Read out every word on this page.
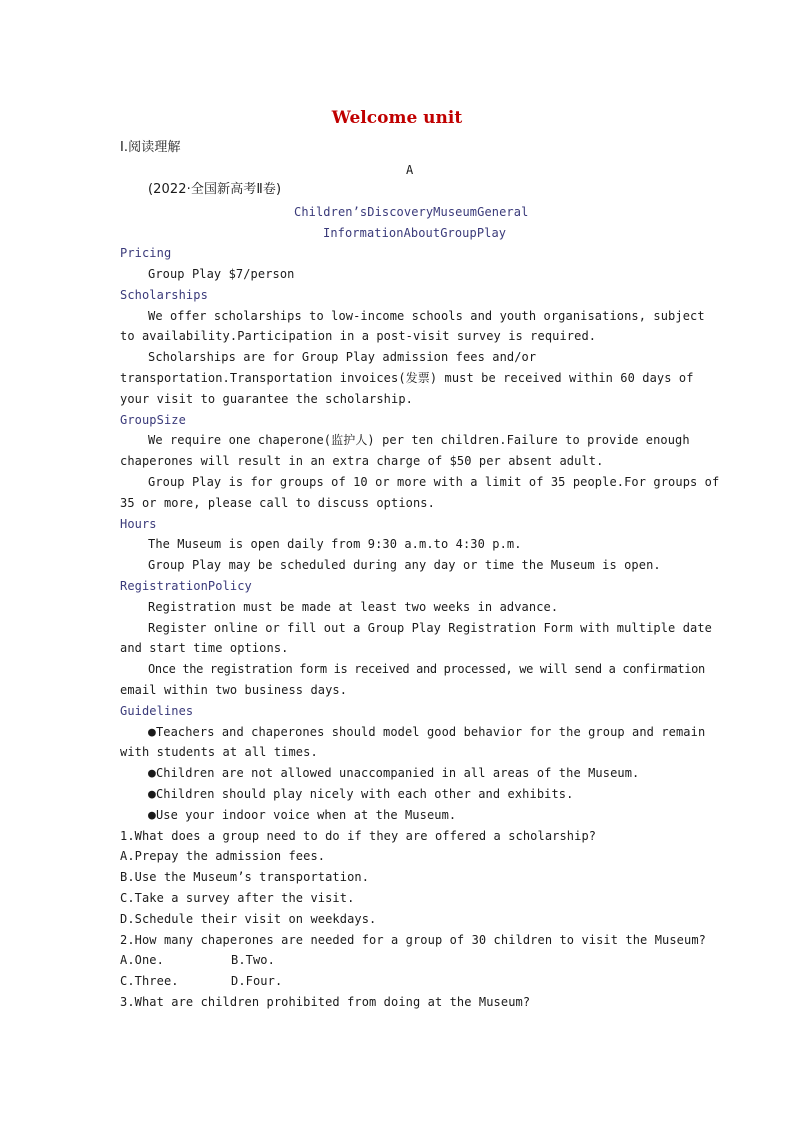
Welcome unit
Ⅰ.阅读理解
A
(2022·全国新高考Ⅱ卷)
Children’sDiscoveryMuseumGeneral
InformationAboutGroupPlay
Pricing
Group Play $7/person
Scholarships
We offer scholarships to low-income schools and youth organisations, subject
to availability.Participation in a post-visit survey is required.
Scholarships are for Group Play admission fees and/or
transportation.Transportation invoices(发票) must be received within 60 days of
your visit to guarantee the scholarship.
GroupSize
We require one chaperone(监护人) per ten children.Failure to provide enough
chaperones will result in an extra charge of $50 per absent adult.
Group Play is for groups of 10 or more with a limit of 35 people.For groups of
35 or more, please call to discuss options.
Hours
The Museum is open daily from 9:30 a.m.to 4:30 p.m.
Group Play may be scheduled during any day or time the Museum is open.
RegistrationPolicy
Registration must be made at least two weeks in advance.
Register online or fill out a Group Play Registration Form with multiple date
and start time options.
Once the registration form is received and processed, we will send a confirmation
email within two business days.
Guidelines
●Teachers and chaperones should model good behavior for the group and remain
with students at all times.
●Children are not allowed unaccompanied in all areas of the Museum.
●Children should play nicely with each other and exhibits.
●Use your indoor voice when at the Museum.
1.What does a group need to do if they are offered a scholarship?
A.Prepay the admission fees.
B.Use the Museum’s transportation.
C.Take a survey after the visit.
D.Schedule their visit on weekdays.
2.How many chaperones are needed for a group of 30 children to visit the Museum?
A.One.	B.Two.
C.Three.	D.Four.
3.What are children prohibited from doing at the Museum?
